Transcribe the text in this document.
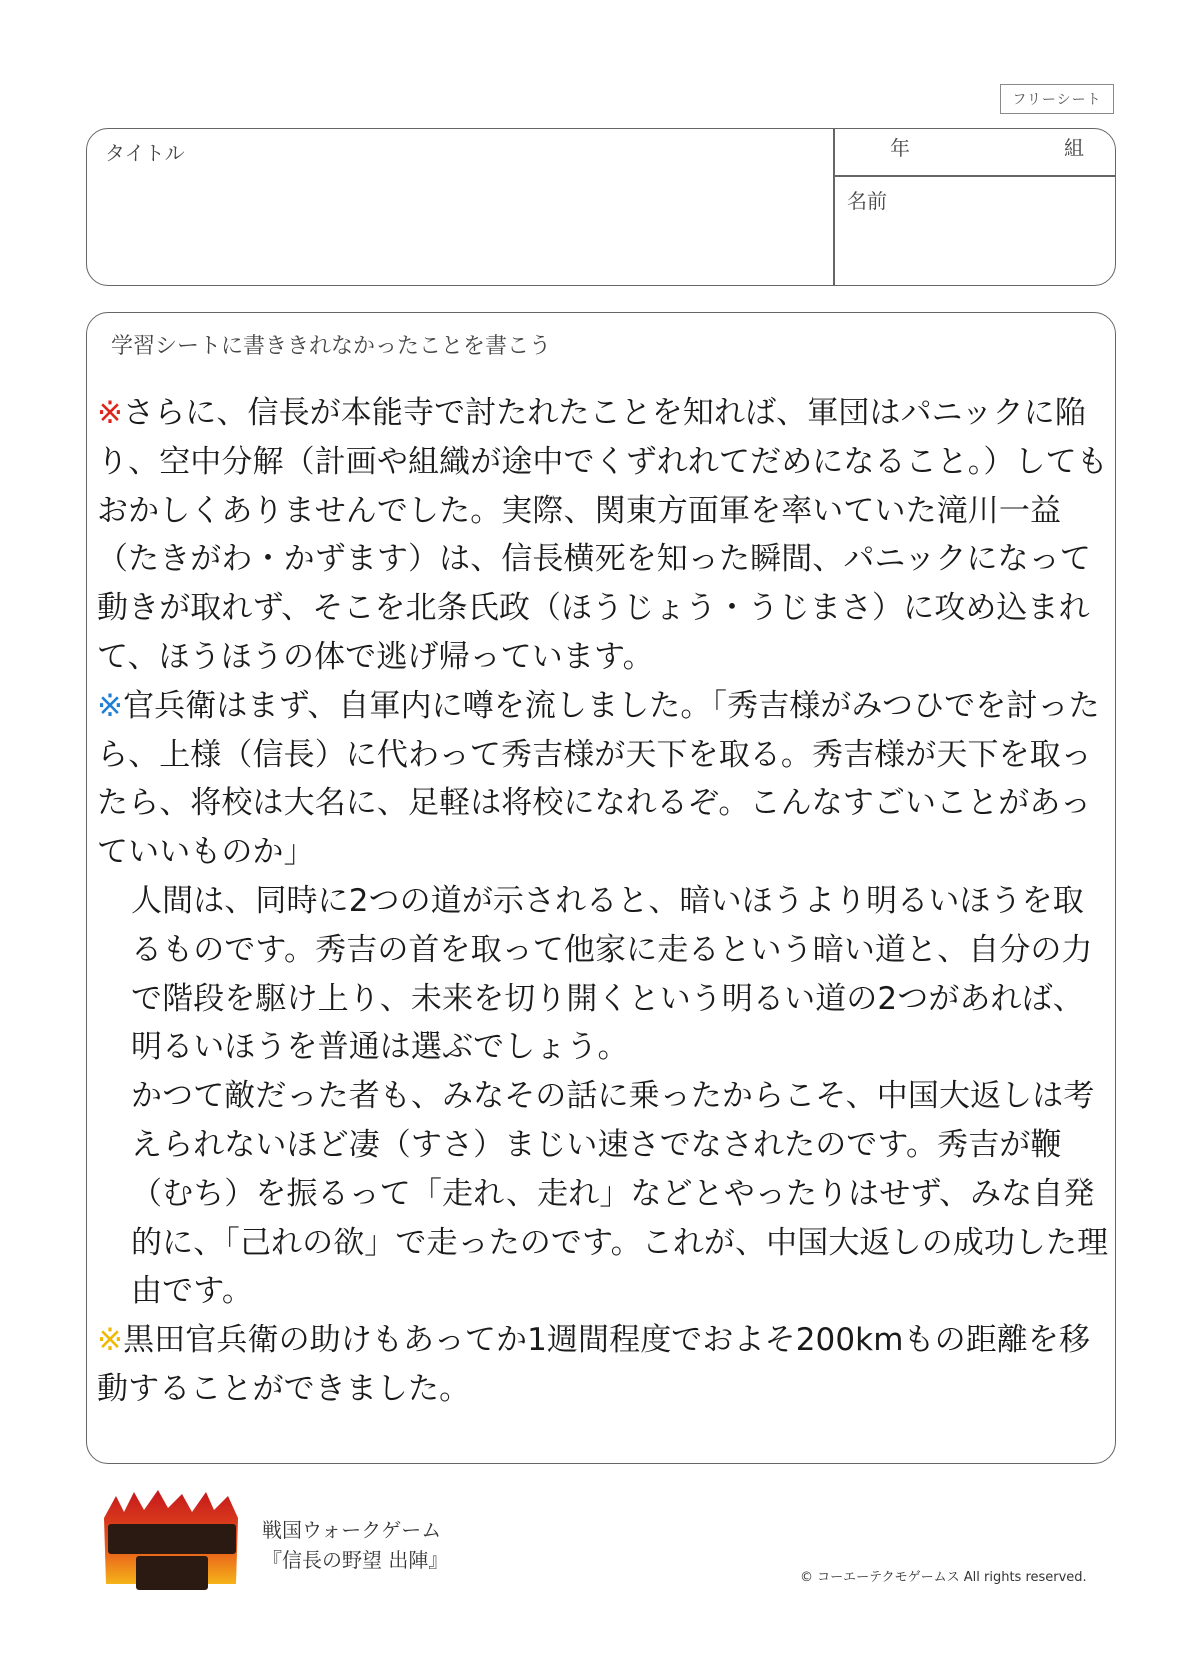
フリーシート
タイトル
名前
年	組
学習シートに書ききれなかったことを書こう

※さらに、信長が本能寺で討たれたことを知れば、軍団はパニックに陥り、空中分解（計画や組織が途中でくずれれてだめになること。）してもおかしくありませんでした。実際、関東方面軍を率いていた滝川一益（たきがわ・かずます）は、信長横死を知った瞬間、パニックになって動きが取れず、そこを北条氏政（ほうじょう・うじまさ）に攻め込まれて、ほうほうの体で逃げ帰っています。

※官兵衛はまず、自軍内に噂を流しました。「秀吉様がみつひでを討ったら、上様（信長）に代わって秀吉様が天下を取る。秀吉様が天下を取ったら、将校は大名に、足軽は将校になれるぞ。こんなすごいことがあっていいものか」

人間は、同時に2つの道が示されると、暗いほうより明るいほうを取るものです。秀吉の首を取って他家に走るという暗い道と、自分の力で階段を駆け上り、未来を切り開くという明るい道の2つがあれば、明るいほうを普通は選ぶでしょう。

かつて敵だった者も、みなその話に乗ったからこそ、中国大返しは考えられないほど凄（すさ）まじい速さでなされたのです。秀吉が鞭（むち）を振るって「走れ、走れ」などとやったりはせず、みな自発的に、「己れの欲」で走ったのです。これが、中国大返しの成功した理由です。

※黒田官兵衛の助けもあってか1週間程度でおよそ200kmもの距離を移動することができました。

戦国ウォークゲーム
『信長の野望 出陣』
© コーエーテクモゲームス All rights reserved.
